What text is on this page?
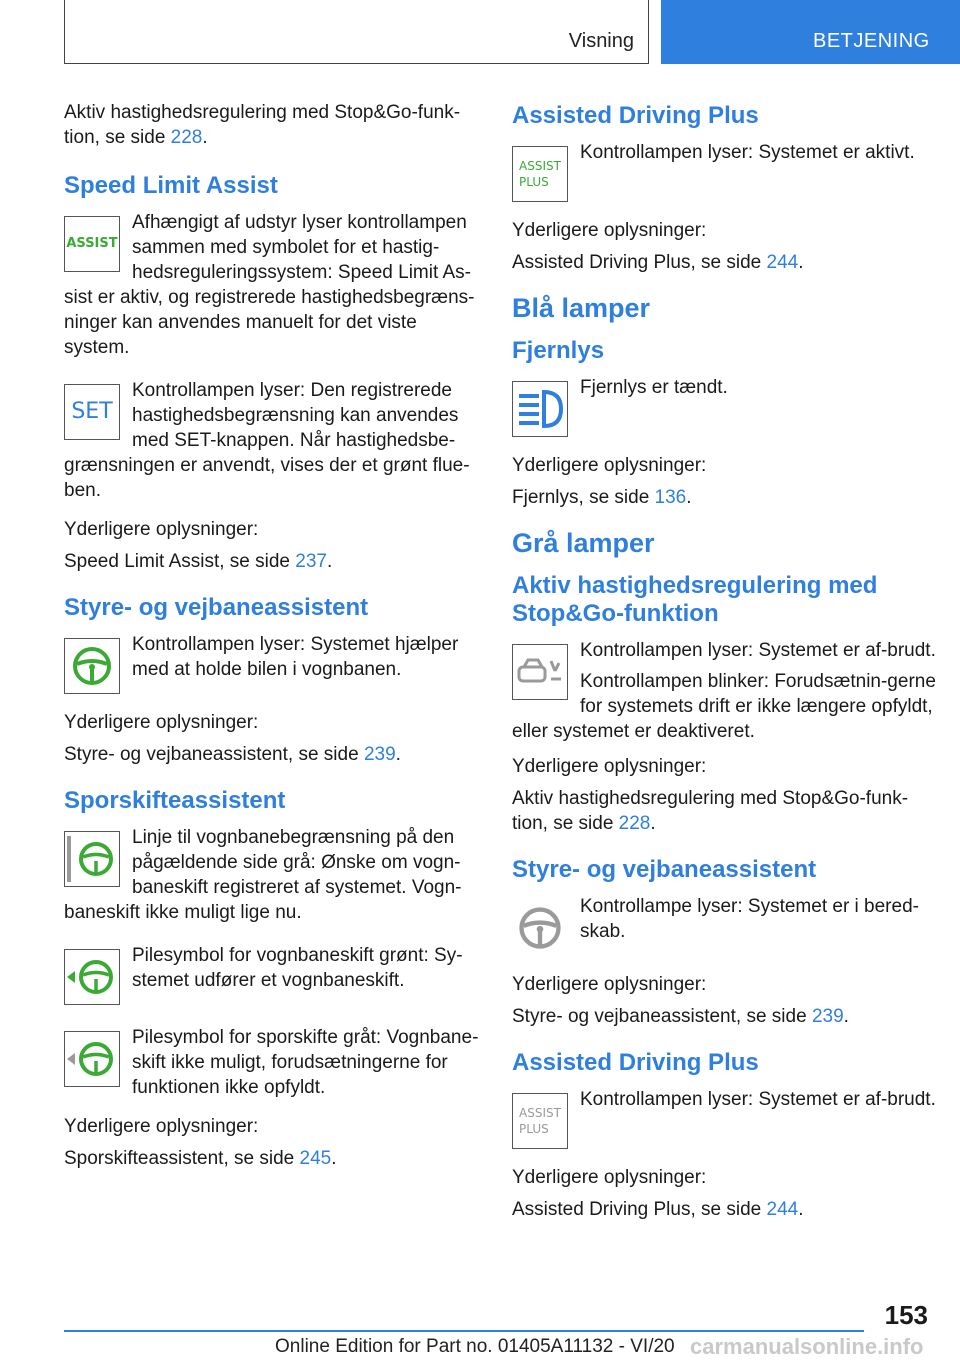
Visning	BETJENING

Aktiv hastighedsregulering med Stop&Go-funk-tion, se side 228.

Speed Limit Assist
ASSIST

Afhængigt af udstyr lyser kontrollampen sammen med symbolet for et hastig-hedsreguleringssystem: Speed Limit As-sist er aktiv, og registrerede hastighedsbegræns-ninger kan anvendes manuelt for det viste system.

SET

Kontrollampen lyser: Den registrerede hastighedsbegrænsning kan anvendes med SET-knappen. Når hastighedsbe-grænsningen er anvendt, vises der et grønt flue-ben.

Yderligere oplysninger:

Speed Limit Assist, se side 237.

Styre- og vejbaneassistent

Kontrollampen lyser: Systemet hjælper med at holde bilen i vognbanen.

Yderligere oplysninger:

Styre- og vejbaneassistent, se side 239.

Sporskifteassistent

Linje til vognbanebegrænsning på den pågældende side grå: Ønske om vogn-baneskift registreret af systemet. Vogn-baneskift ikke muligt lige nu.

Pilesymbol for vognbaneskift grønt: Sy-stemet udfører et vognbaneskift.

Pilesymbol for sporskifte gråt: Vognbane-skift ikke muligt, forudsætningerne for funktionen ikke opfyldt.

Yderligere oplysninger:

Sporskifteassistent, se side 245.

Assisted Driving Plus
ASSIST
PLUS

Kontrollampen lyser: Systemet er aktivt.

Yderligere oplysninger:

Assisted Driving Plus, se side 244.

Blå lamper
Fjernlys

Fjernlys er tændt.

Yderligere oplysninger:

Fjernlys, se side 136.

Grå lamper
Aktiv hastighedsregulering med Stop&Go-funktion

Kontrollampen lyser: Systemet er af-brudt.

Kontrollampen blinker: Forudsætnin-gerne for systemets drift er ikke længere opfyldt, eller systemet er deaktiveret.

Yderligere oplysninger:

Aktiv hastighedsregulering med Stop&Go-funk-tion, se side 228.

Styre- og vejbaneassistent

Kontrollampe lyser: Systemet er i bered-skab.

Yderligere oplysninger:

Styre- og vejbaneassistent, se side 239.

Assisted Driving Plus
ASSIST
PLUS

Kontrollampen lyser: Systemet er af-brudt.

Yderligere oplysninger:

Assisted Driving Plus, se side 244.

153
Online Edition for Part no. 01405A11132 - VI/20 carmanualsonline.info
